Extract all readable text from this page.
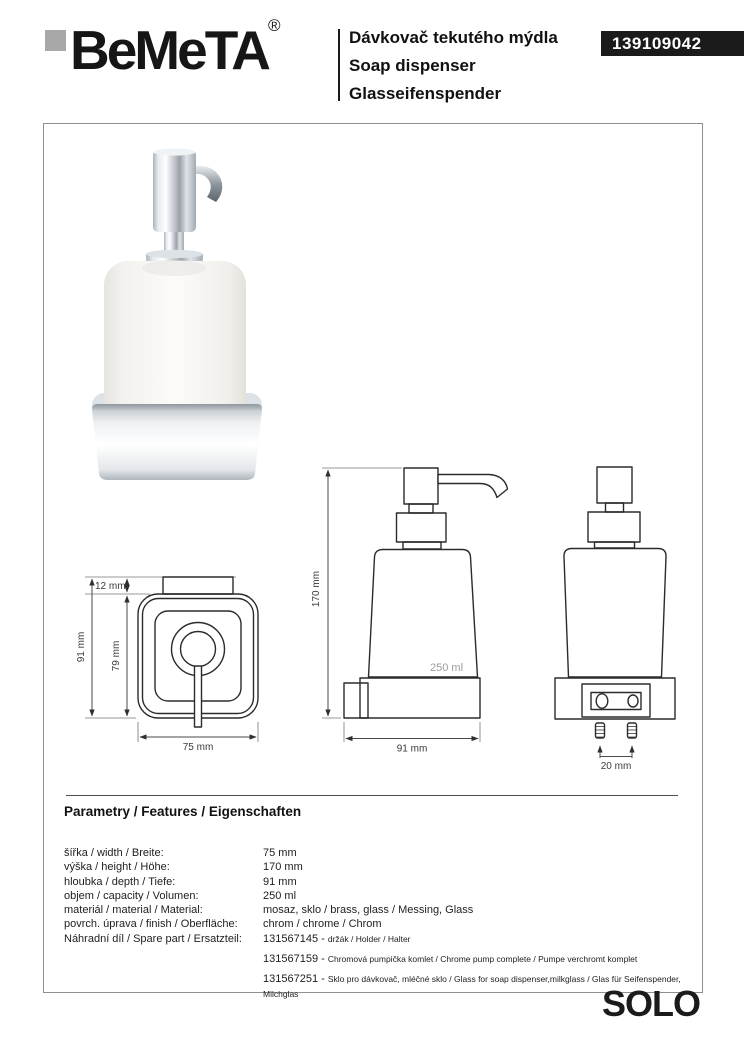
BeMeTA®
Dávkovač tekutého mýdla
Soap dispenser
Glasseifenspender
139109042
12 mm
91 mm 79 mm
75 mm
170 mm
250 ml
91 mm
20 mm
Parametry / Features / Eigenschaften
šířka / width / Breite:	75 mm
výška / height / Höhe:	170 mm
hloubka / depth / Tiefe:	91 mm
objem / capacity / Volumen:	250 ml
materiál / material / Material:	mosaz, sklo / brass, glass / Messing, Glass
povrch. úprava / finish / Oberfläche:	chrom / chrome / Chrom
Náhradní díl / Spare part / Ersatzteil:	131567145 - držák / Holder / Halter
131567159 - Chromová pumpička komlet / Chrome pump complete / Pumpe verchromt komplet
131567251 - Sklo pro dávkovač, mléčné sklo / Glass for soap dispenser,milkglass / Glas für Seifenspender, Milchglas	SOLO
